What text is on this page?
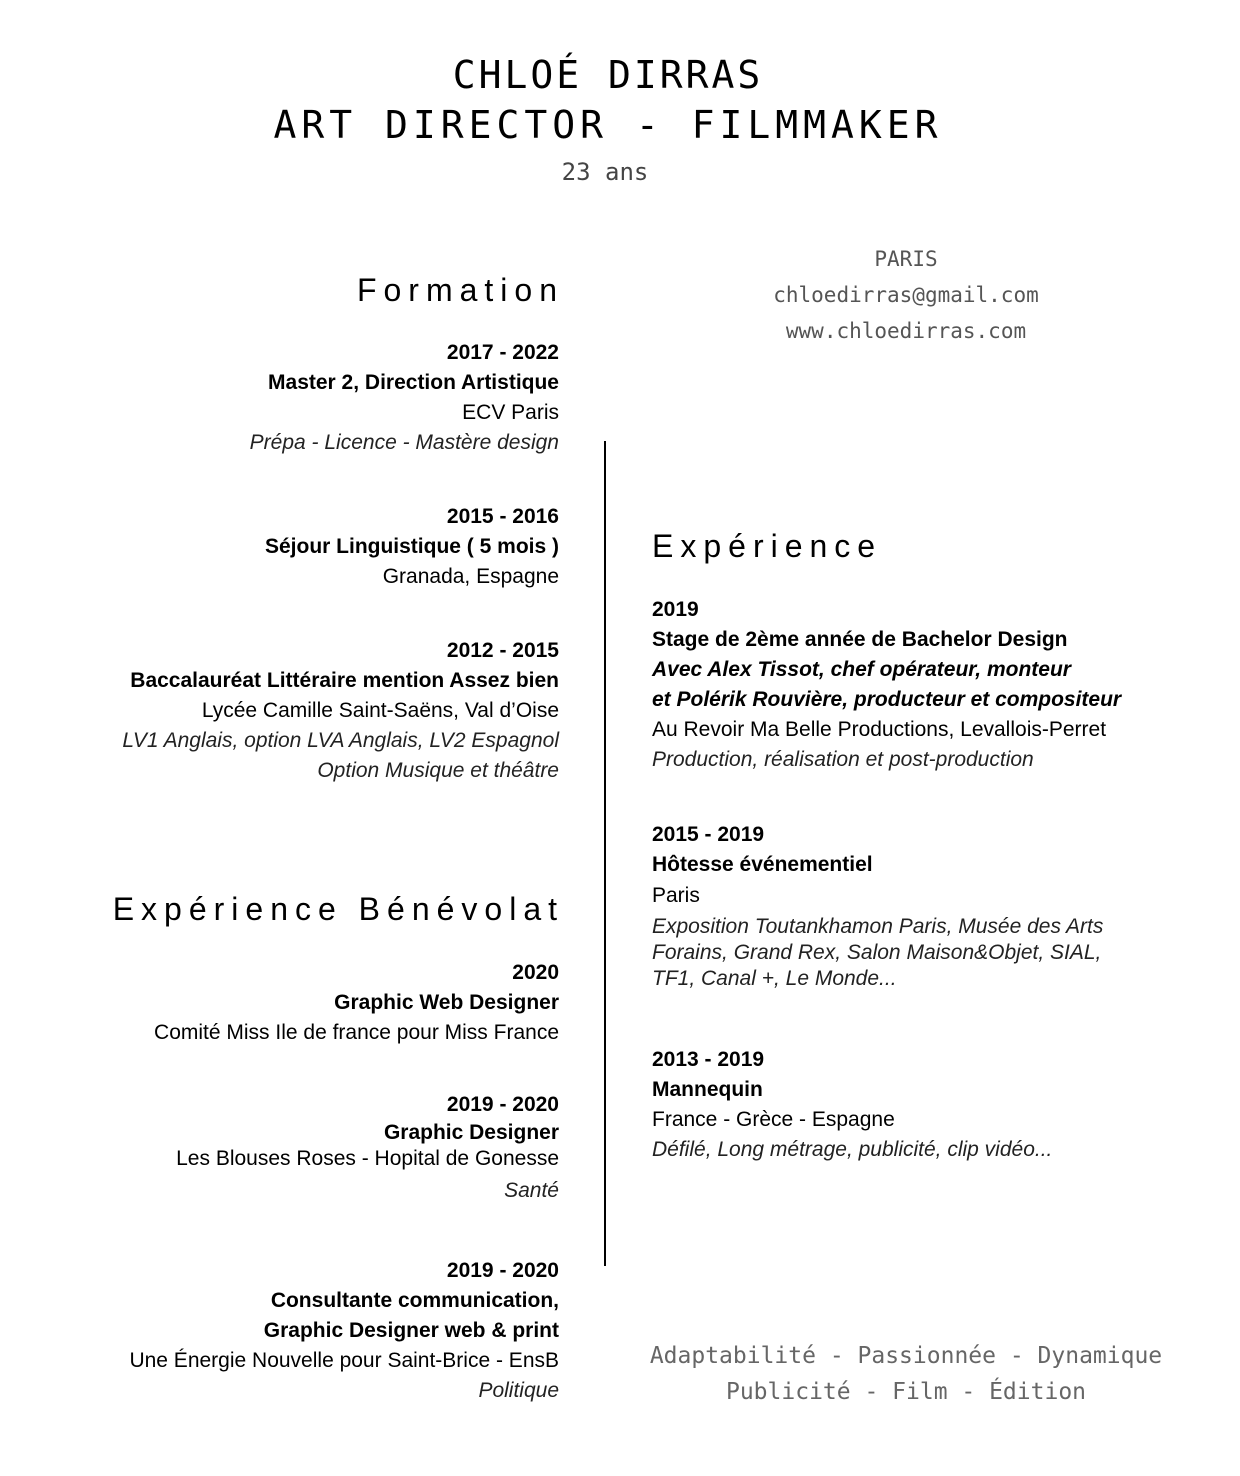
CHLOÉ DIRRAS
ART DIRECTOR - FILMMAKER
23 ans
PARIS
chloedirras@gmail.com
www.chloedirras.com
Formation
2017 - 2022
Master 2, Direction Artistique
ECV Paris
Prépa - Licence - Mastère design
2015 - 2016
Séjour Linguistique ( 5 mois )
Granada, Espagne
2012 - 2015
Baccalauréat Littéraire mention Assez bien
Lycée Camille Saint-Saëns, Val d’Oise
LV1 Anglais, option LVA Anglais, LV2 Espagnol
Option Musique et théâtre
Expérience Bénévolat
2020
Graphic Web Designer
Comité Miss Ile de france pour Miss France
2019 - 2020
Graphic Designer
Les Blouses Roses - Hopital de Gonesse
Santé
2019 - 2020
Consultante communication,
Graphic Designer web & print
Une Énergie Nouvelle pour Saint-Brice - EnsB
Politique
Expérience
2019
Stage de 2ème année de Bachelor Design
Avec Alex Tissot, chef opérateur, monteur
et Polérik Rouvière, producteur et compositeur
Au Revoir Ma Belle Productions, Levallois-Perret
Production, réalisation et post-production
2015 - 2019
Hôtesse événementiel
Paris
Exposition Toutankhamon Paris, Musée des Arts
Forains, Grand Rex, Salon Maison&Objet, SIAL,
TF1, Canal +, Le Monde...
2013 - 2019
Mannequin
France - Grèce - Espagne
Défilé, Long métrage, publicité, clip vidéo...
Adaptabilité - Passionnée - Dynamique
Publicité - Film - Édition
